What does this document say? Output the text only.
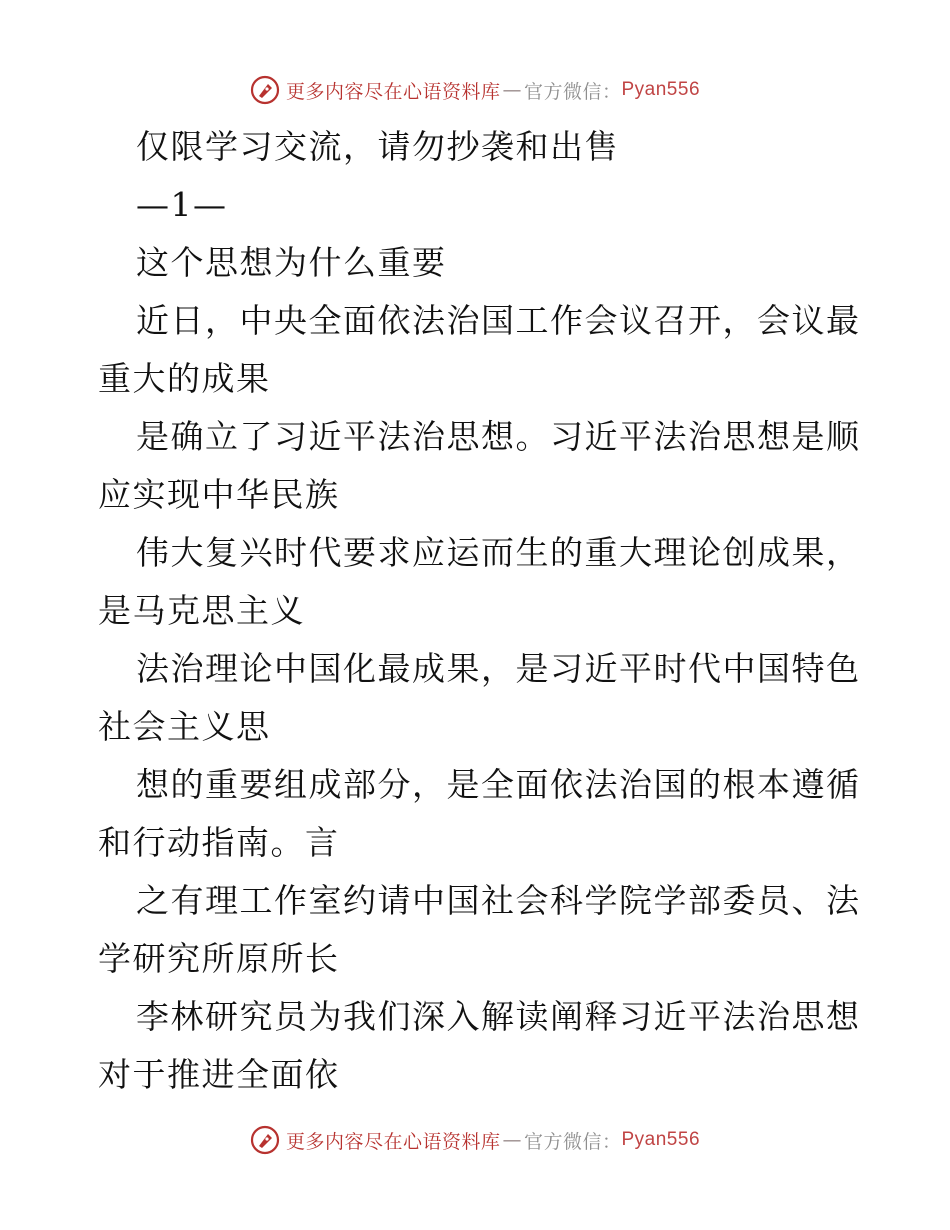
更多内容尽在心语资料库 — 官方微信： Pyan556
仅限学习交流，请勿抄袭和出售
—1—
这个思想为什么重要
近日，中央全面依法治国工作会议召开，会议最
重大的成果
是确立了习近平法治思想。习近平法治思想是顺
应实现中华民族
伟大复兴时代要求应运而生的重大理论创成果，
是马克思主义
法治理论中国化最成果，是习近平时代中国特色
社会主义思
想的重要组成部分，是全面依法治国的根本遵循
和行动指南。言
之有理工作室约请中国社会科学院学部委员、法
学研究所原所长
李林研究员为我们深入解读阐释习近平法治思想
对于推进全面依
更多内容尽在心语资料库 — 官方微信： Pyan556
